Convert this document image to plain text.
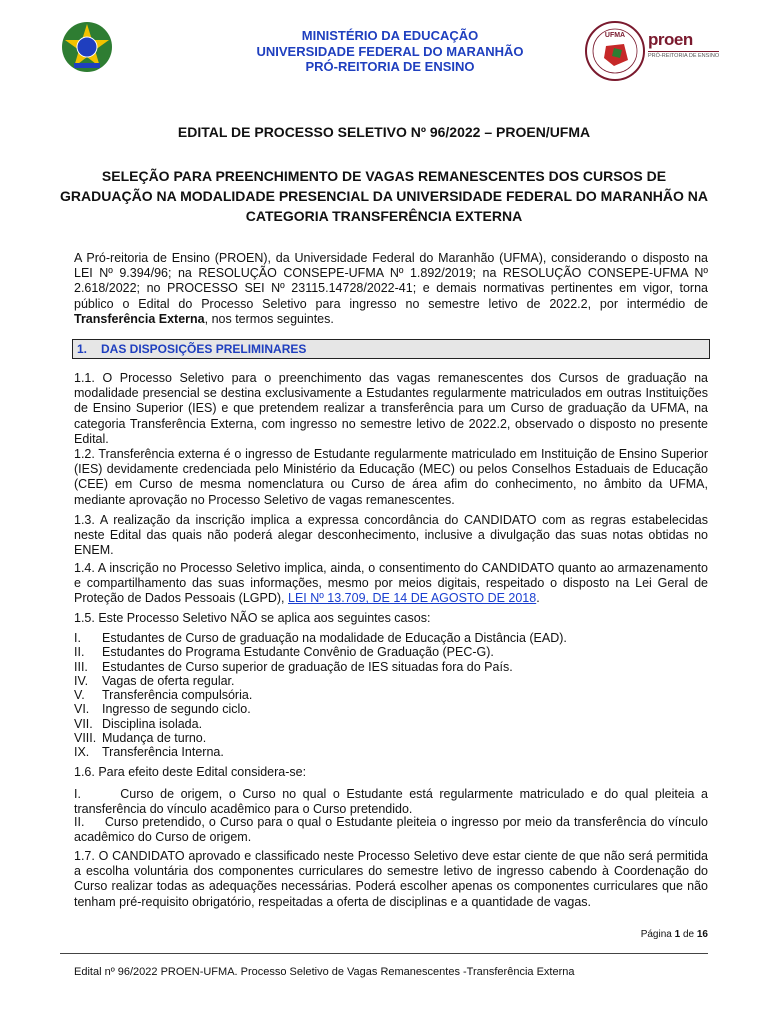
MINISTÉRIO DA EDUCAÇÃO
UNIVERSIDADE FEDERAL DO MARANHÃO
PRÓ-REITORIA DE ENSINO
UFMA proen
PRÓ-REITORIA DE ENSINO
EDITAL DE PROCESSO SELETIVO Nº 96/2022 – PROEN/UFMA
SELEÇÃO PARA PREENCHIMENTO DE VAGAS REMANESCENTES DOS CURSOS DE GRADUAÇÃO NA MODALIDADE PRESENCIAL DA UNIVERSIDADE FEDERAL DO MARANHÃO NA CATEGORIA TRANSFERÊNCIA EXTERNA

A Pró-reitoria de Ensino (PROEN), da Universidade Federal do Maranhão (UFMA), considerando o disposto na LEI Nº 9.394/96; na RESOLUÇÃO CONSEPE-UFMA Nº 1.892/2019; na RESOLUÇÃO CONSEPE-UFMA Nº 2.618/2022; no PROCESSO SEI Nº 23115.14728/2022-41; e demais normativas pertinentes em vigor, torna público o Edital do Processo Seletivo para ingresso no semestre letivo de 2022.2, por intermédio de Transferência Externa, nos termos seguintes.

1. DAS DISPOSIÇÕES PRELIMINARES

1.1. O Processo Seletivo para o preenchimento das vagas remanescentes dos Cursos de graduação na modalidade presencial se destina exclusivamente a Estudantes regularmente matriculados em outras Instituições de Ensino Superior (IES) e que pretendem realizar a transferência para um Curso de graduação da UFMA, na categoria Transferência Externa, com ingresso no semestre letivo de 2022.2, observado o disposto no presente Edital.

1.2. Transferência externa é o ingresso de Estudante regularmente matriculado em Instituição de Ensino Superior (IES) devidamente credenciada pelo Ministério da Educação (MEC) ou pelos Conselhos Estaduais de Educação (CEE) em Curso de mesma nomenclatura ou Curso de área afim do conhecimento, no âmbito da UFMA, mediante aprovação no Processo Seletivo de vagas remanescentes.

1.3. A realização da inscrição implica a expressa concordância do CANDIDATO com as regras estabelecidas neste Edital das quais não poderá alegar desconhecimento, inclusive a divulgação das suas notas obtidas no ENEM.

1.4. A inscrição no Processo Seletivo implica, ainda, o consentimento do CANDIDATO quanto ao armazenamento e compartilhamento das suas informações, mesmo por meios digitais, respeitado o disposto na Lei Geral de Proteção de Dados Pessoais (LGPD), LEI Nº 13.709, DE 14 DE AGOSTO DE 2018.

1.5. Este Processo Seletivo NÃO se aplica aos seguintes casos:

I.	Estudantes de Curso de graduação na modalidade de Educação a Distância (EAD).
II.	Estudantes do Programa Estudante Convênio de Graduação (PEC-G).
III.	Estudantes de Curso superior de graduação de IES situadas fora do País.
IV.	Vagas de oferta regular.
V.	Transferência compulsória.
VI.	Ingresso de segundo ciclo.
VII. Disciplina isolada.
VIII. Mudança de turno.
IX.	Transferência Interna.

1.6. Para efeito deste Edital considera-se:

I.      Curso de origem, o Curso no qual o Estudante está regularmente matriculado e do qual pleiteia a transferência do vínculo acadêmico para o Curso pretendido.

II.     Curso pretendido, o Curso para o qual o Estudante pleiteia o ingresso por meio da transferência do vínculo acadêmico do Curso de origem.

1.7. O CANDIDATO aprovado e classificado neste Processo Seletivo deve estar ciente de que não será permitida a escolha voluntária dos componentes curriculares do semestre letivo de ingresso cabendo à Coordenação do Curso realizar todas as adequações necessárias. Poderá escolher apenas os componentes curriculares que não tenham pré-requisito obrigatório, respeitadas a oferta de disciplinas e a quantidade de vagas.

Página 1 de 16
Edital nº 96/2022 PROEN-UFMA. Processo Seletivo de Vagas Remanescentes -Transferência Externa
